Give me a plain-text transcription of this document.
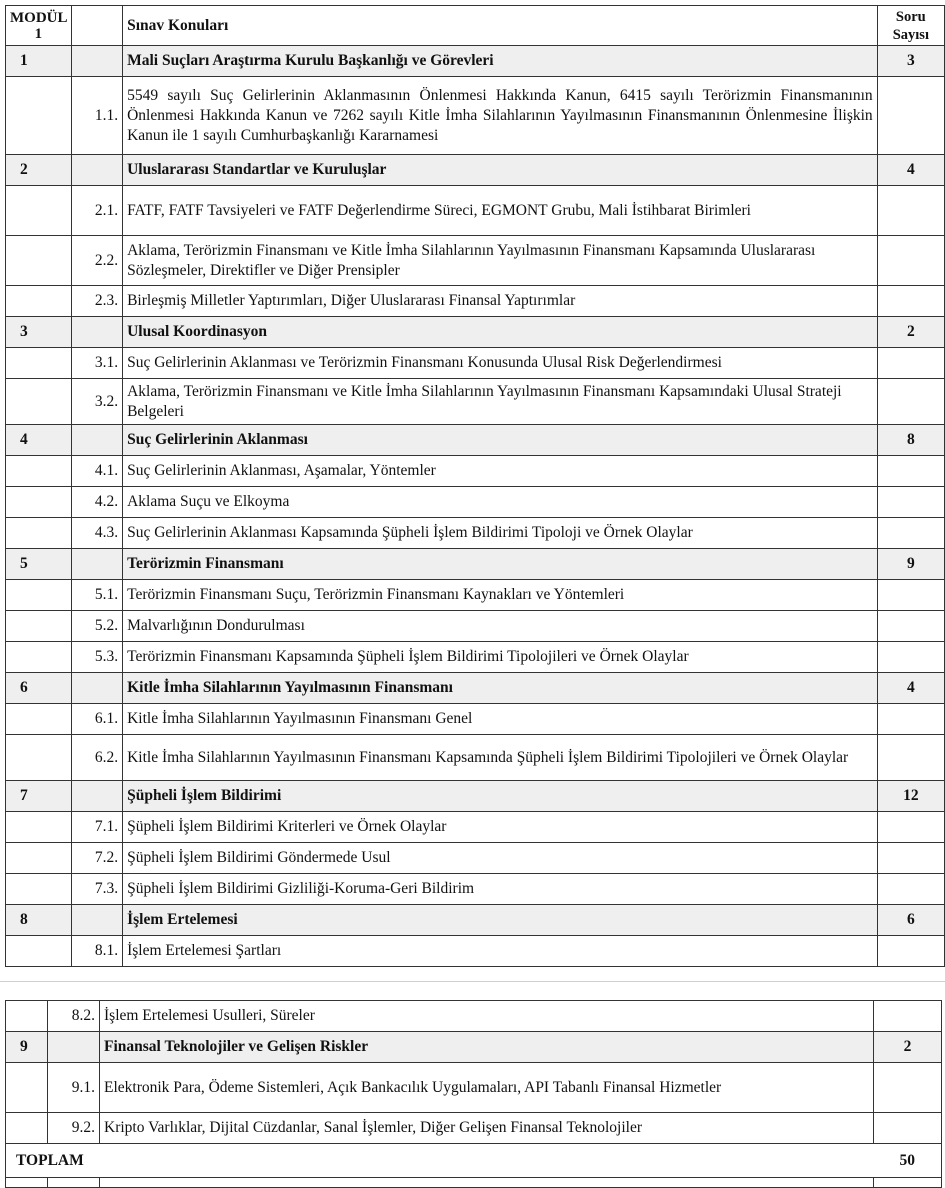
MODÜL 1		Sınav Konuları	Soru Sayısı
1		Mali Suçları Araştırma Kurulu Başkanlığı ve Görevleri	3
	1.1.	5549 sayılı Suç Gelirlerinin Aklanmasının Önlenmesi Hakkında Kanun, 6415 sayılı Terörizmin Finansmanının Önlenmesi Hakkında Kanun ve 7262 sayılı Kitle İmha Silahlarının Yayılmasının Finansmanının Önlenmesine İlişkin Kanun ile 1 sayılı Cumhurbaşkanlığı Kararnamesi	
2		Uluslararası Standartlar ve Kuruluşlar	4
	2.1.	FATF, FATF Tavsiyeleri ve FATF Değerlendirme Süreci, EGMONT Grubu, Mali İstihbarat Birimleri	
	2.2.	Aklama, Terörizmin Finansmanı ve Kitle İmha Silahlarının Yayılmasının Finansmanı Kapsamında Uluslararası Sözleşmeler, Direktifler ve Diğer Prensipler	
	2.3.	Birleşmiş Milletler Yaptırımları, Diğer Uluslararası Finansal Yaptırımlar	
3		Ulusal Koordinasyon	2
	3.1.	Suç Gelirlerinin Aklanması ve Terörizmin Finansmanı Konusunda Ulusal Risk Değerlendirmesi	
	3.2.	Aklama, Terörizmin Finansmanı ve Kitle İmha Silahlarının Yayılmasının Finansmanı Kapsamındaki Ulusal Strateji Belgeleri	
4		Suç Gelirlerinin Aklanması	8
	4.1.	Suç Gelirlerinin Aklanması, Aşamalar, Yöntemler	
	4.2.	Aklama Suçu ve Elkoyma	
	4.3.	Suç Gelirlerinin Aklanması Kapsamında Şüpheli İşlem Bildirimi Tipoloji ve Örnek Olaylar	
5		Terörizmin Finansmanı	9
	5.1.	Terörizmin Finansmanı Suçu, Terörizmin Finansmanı Kaynakları ve Yöntemleri	
	5.2.	Malvarlığının Dondurulması	
	5.3.	Terörizmin Finansmanı Kapsamında Şüpheli İşlem Bildirimi Tipolojileri ve Örnek Olaylar	
6		Kitle İmha Silahlarının Yayılmasının Finansmanı	4
	6.1.	Kitle İmha Silahlarının Yayılmasının Finansmanı Genel	
	6.2.	Kitle İmha Silahlarının Yayılmasının Finansmanı Kapsamında Şüpheli İşlem Bildirimi Tipolojileri ve Örnek Olaylar	
7		Şüpheli İşlem Bildirimi	12
	7.1.	Şüpheli İşlem Bildirimi Kriterleri ve Örnek Olaylar	
	7.2.	Şüpheli İşlem Bildirimi Göndermede Usul	
	7.3.	Şüpheli İşlem Bildirimi Gizliliği-Koruma-Geri Bildirim	
8		İşlem Ertelemesi	6
	8.1.	İşlem Ertelemesi Şartları	
	8.2.	İşlem Ertelemesi Usulleri, Süreler	
9		Finansal Teknolojiler ve Gelişen Riskler	2
	9.1.	Elektronik Para, Ödeme Sistemleri, Açık Bankacılık Uygulamaları, API Tabanlı Finansal Hizmetler	
	9.2.	Kripto Varlıklar, Dijital Cüzdanlar, Sanal İşlemler, Diğer Gelişen Finansal Teknolojiler	
TOPLAM			50
